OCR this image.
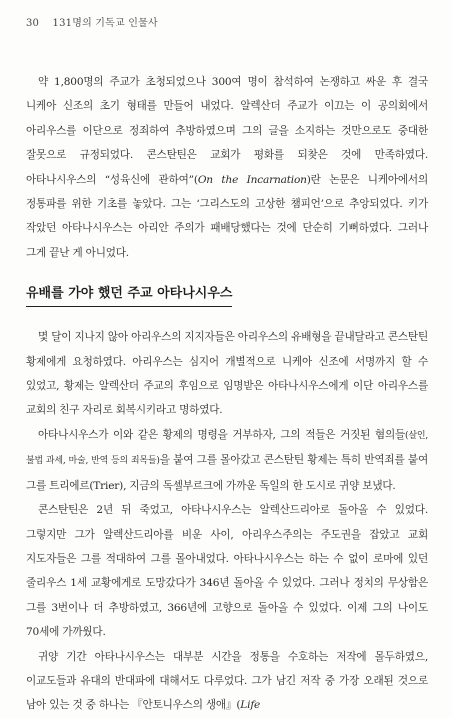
30 131명의 기독교 인물사

약 1,800명의 주교가 초청되었으나 300여 명이 참석하여 논쟁하고 싸운 후 결국 니케아 신조의 초기 형태를 만들어 내었다. 알렉산더 주교가 이끄는 이 공의회에서 아리우스를 이단으로 정죄하여 추방하였으며 그의 글을 소지하는 것만으로도 중대한 잘못으로 규정되었다. 콘스탄틴은 교회가 평화를 되찾은 것에 만족하였다. 아타나시우스의 “성육신에 관하여”(On the Incarnation)란 논문은 니케아에서의 정통파를 위한 기초를 놓았다. 그는 ‘그리스도의 고상한 챔피언’으로 추앙되었다. 키가 작았던 아타나시우스는 아리안 주의가 패배당했다는 것에 단순히 기뻐하였다. 그러나 그게 끝난 게 아니었다.

유배를 가야 했던 주교 아타나시우스

몇 달이 지나지 않아 아리우스의 지지자들은 아리우스의 유배형을 끝내달라고 콘스탄틴 황제에게 요청하였다. 아리우스는 심지어 개별적으로 니케아 신조에 서명까지 할 수 있었고, 황제는 알렉산더 주교의 후임으로 임명받은 아타나시우스에게 이단 아리우스를 교회의 친구 자리로 회복시키라고 명하였다.

아타나시우스가 이와 같은 황제의 명령을 거부하자, 그의 적들은 거짓된 혐의들(살인, 불법 과세, 마술, 반역 등의 죄목들)을 붙여 그를 몰아갔고 콘스탄틴 황제는 특히 반역죄를 붙여 그를 트리에르(Trier), 지금의 독셸부르크에 가까운 독일의 한 도시로 귀양 보냈다.

콘스탄틴은 2년 뒤 죽었고, 아타나시우스는 알렉산드리아로 돌아올 수 있었다. 그렇지만 그가 알렉산드리아를 비운 사이, 아리우스주의는 주도권을 잡았고 교회 지도자들은 그를 적대하여 그를 몰아내었다. 아타나시우스는 하는 수 없이 로마에 있던 줄리우스 1세 교황에게로 도망갔다가 346년 돌아올 수 있었다. 그러나 정치의 무상함은 그를 3번이나 더 추방하였고, 366년에 고향으로 돌아올 수 있었다. 이제 그의 나이도 70세에 가까웠다.

귀양 기간 아타나시우스는 대부분 시간을 정통을 수호하는 저작에 몰두하였으, 이교도들과 유대의 반대파에 대해서도 다루었다. 그가 남긴 저작 중 가장 오래된 것으로 남아 있는 것 중 하나는 『안토니우스의 생애』(Life
